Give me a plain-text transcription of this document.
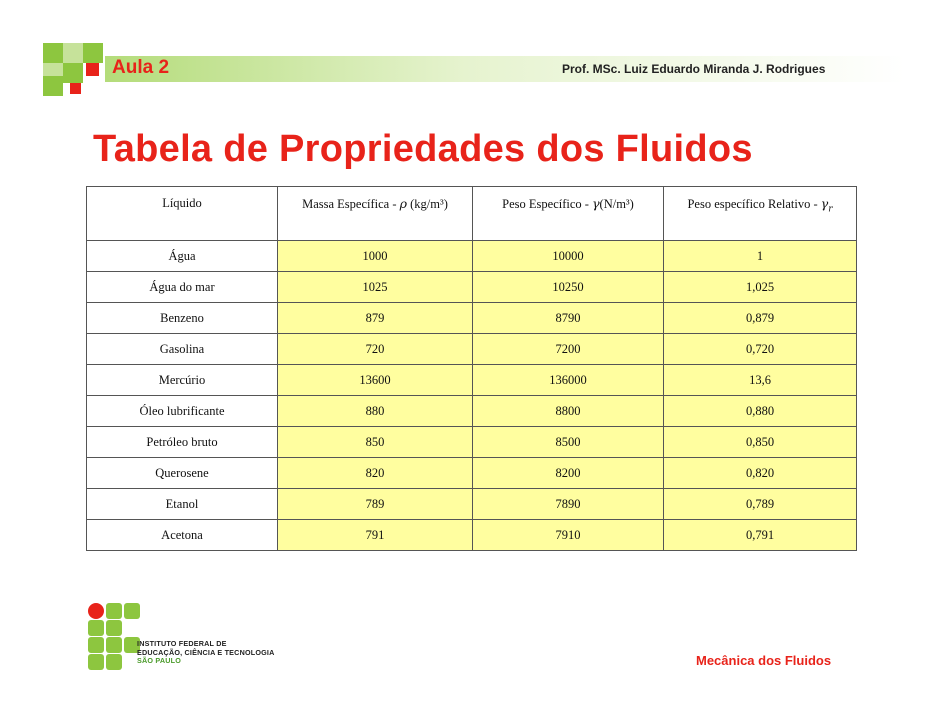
Aula 2	Prof. MSc. Luiz Eduardo Miranda J. Rodrigues
Tabela de Propriedades dos Fluidos
Líquido	Massa Específica - ρ (kg/m³)	Peso Específico - γ(N/m³)	Peso específico Relativo - $\gamma_r$
Água	1000	10000	1
Água do mar	1025	10250	1,025
Benzeno	879	8790	0,879
Gasolina	720	7200	0,720
Mercúrio	13600	136000	13,6
Óleo lubrificante	880	8800	0,880
Petróleo bruto	850	8500	0,850
Querosene	820	8200	0,820
Etanol	789	7890	0,789
Acetona	791	7910	0,791
INSTITUTO FEDERAL DE
EDUCAÇÃO, CIÊNCIA E TECNOLOGIA
SÃO PAULO	Mecânica dos Fluidos
